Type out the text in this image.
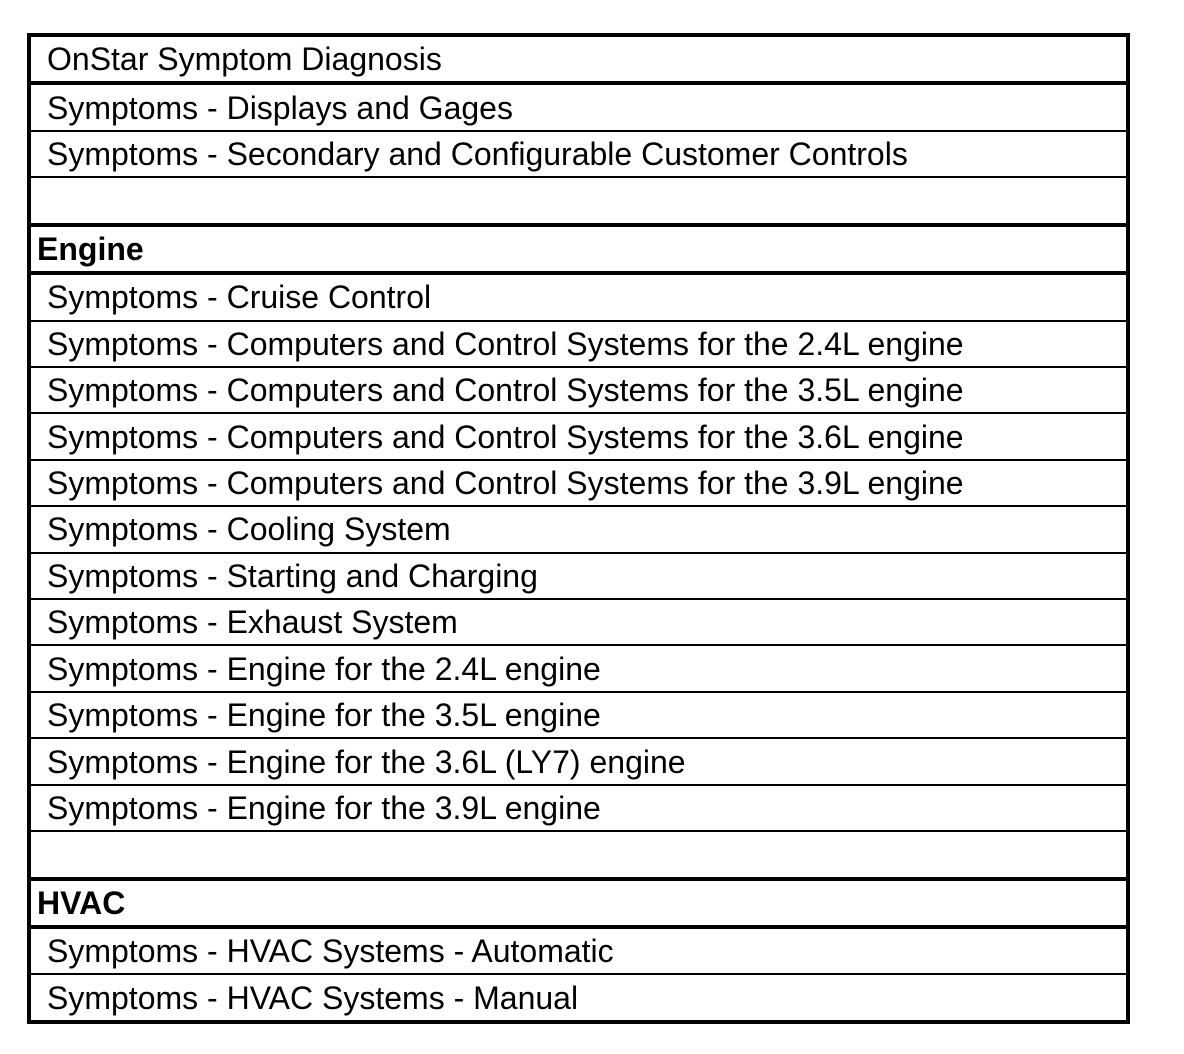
OnStar Symptom Diagnosis
Symptoms - Displays and Gages
Symptoms - Secondary and Configurable Customer Controls
Engine
Symptoms - Cruise Control
Symptoms - Computers and Control Systems for the 2.4L engine
Symptoms - Computers and Control Systems for the 3.5L engine
Symptoms - Computers and Control Systems for the 3.6L engine
Symptoms - Computers and Control Systems for the 3.9L engine
Symptoms - Cooling System
Symptoms - Starting and Charging
Symptoms - Exhaust System
Symptoms - Engine for the 2.4L engine
Symptoms - Engine for the 3.5L engine
Symptoms - Engine for the 3.6L (LY7) engine
Symptoms - Engine for the 3.9L engine
HVAC
Symptoms - HVAC Systems - Automatic
Symptoms - HVAC Systems - Manual
